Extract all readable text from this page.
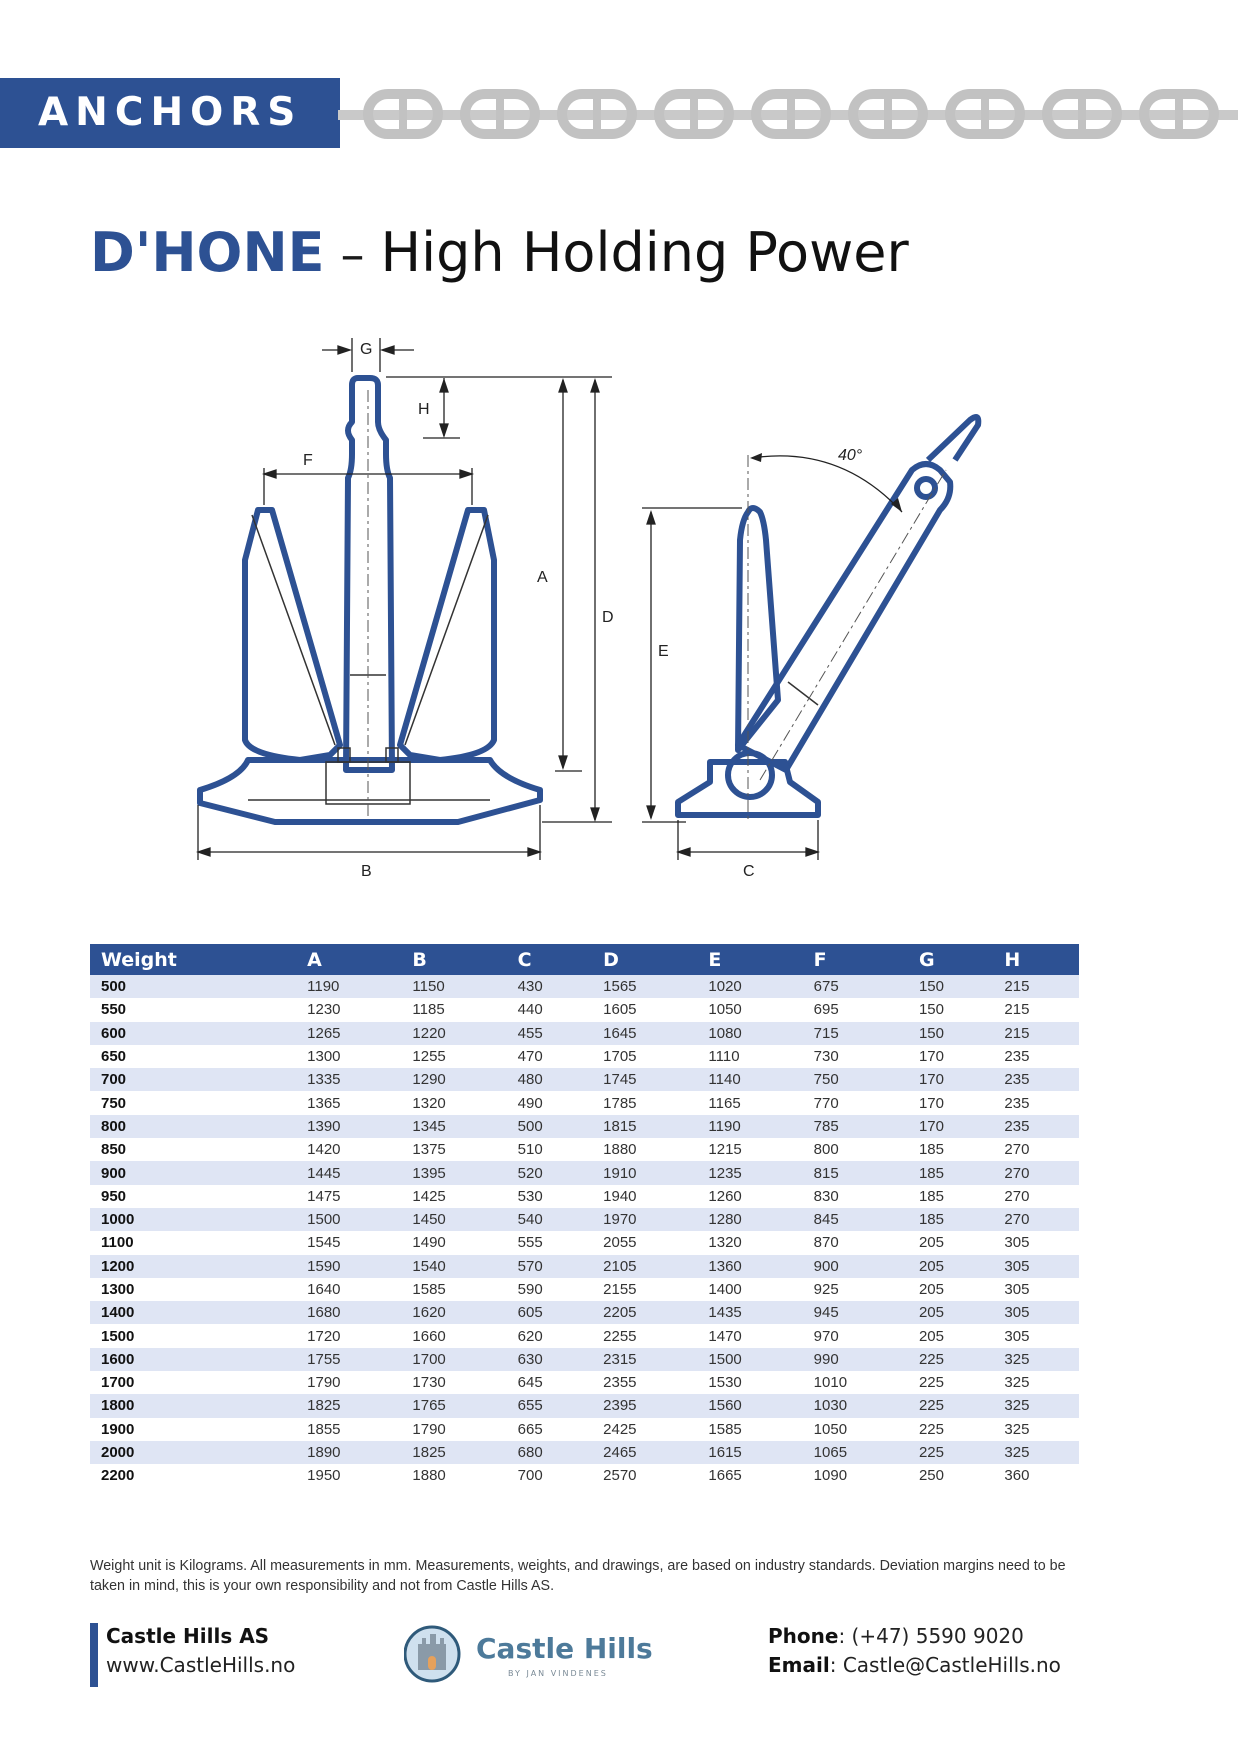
ANCHORS
D'HONE – High Holding Power
G
H
F
A
D
E
B	C
40°
Weight	A	B	C	D	E	F	G	H
500	1190	1150	430	1565	1020	675	150	215
550	1230	1185	440	1605	1050	695	150	215
600	1265	1220	455	1645	1080	715	150	215
650	1300	1255	470	1705	1110	730	170	235
700	1335	1290	480	1745	1140	750	170	235
750	1365	1320	490	1785	1165	770	170	235
800	1390	1345	500	1815	1190	785	170	235
850	1420	1375	510	1880	1215	800	185	270
900	1445	1395	520	1910	1235	815	185	270
950	1475	1425	530	1940	1260	830	185	270
1000	1500	1450	540	1970	1280	845	185	270
1100	1545	1490	555	2055	1320	870	205	305
1200	1590	1540	570	2105	1360	900	205	305
1300	1640	1585	590	2155	1400	925	205	305
1400	1680	1620	605	2205	1435	945	205	305
1500	1720	1660	620	2255	1470	970	205	305
1600	1755	1700	630	2315	1500	990	225	325
1700	1790	1730	645	2355	1530	1010	225	325
1800	1825	1765	655	2395	1560	1030	225	325
1900	1855	1790	665	2425	1585	1050	225	325
2000	1890	1825	680	2465	1615	1065	225	325
2200	1950	1880	700	2570	1665	1090	250	360
Weight unit is Kilograms. All measurements in mm. Measurements, weights, and drawings, are based on industry standards. Deviation margins need to be taken in mind, this is your own responsibility and not from Castle Hills AS.
Castle Hills AS
www.CastleHills.no	Castle Hills
BY JAN VINDENES
Phone: (+47) 5590 9020
Email: Castle@CastleHills.no
